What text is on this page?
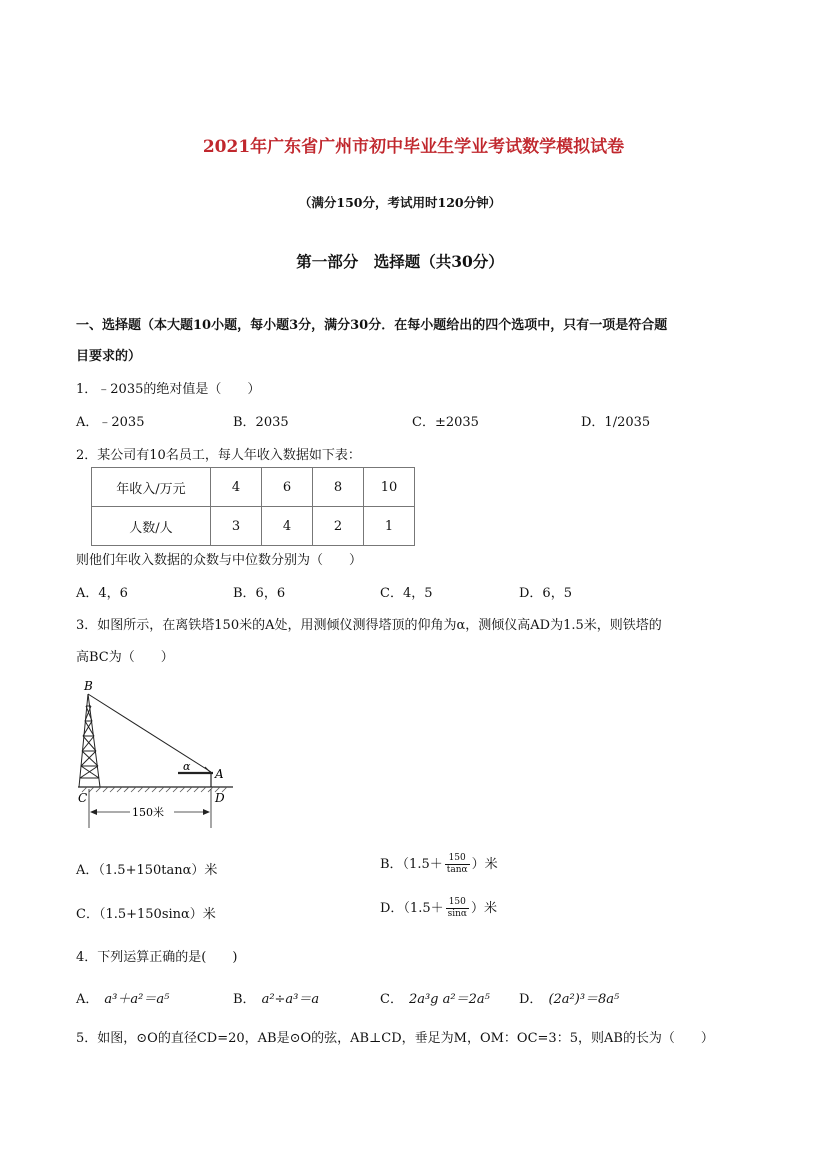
2021年广东省广州市初中毕业生学业考试数学模拟试卷
（满分150分，考试用时120分钟）
第一部分　选择题（共30分）
一、选择题（本大题10小题，每小题3分，满分30分．在每小题给出的四个选项中，只有一项是符合题
目要求的）
1．﹣2035的绝对值是（　　）
A．﹣2035	B．2035	C．±2035	D．1/2035
2．某公司有10名员工，每人年收入数据如下表：
年收入/万元	4	6	8	10
人数/人	3	4	2	1
则他们年收入数据的众数与中位数分别为（　　）
A．4，6	B．6，6	C．4，5	D．6，5
3．如图所示，在离铁塔150米的A处，用测倾仪测得塔顶的仰角为α，测倾仪高AD为1.5米，则铁塔的
高BC为（　　）
B
C
A
D
α
150米
A．（1.5+150tanα）米	B．（$1.5+ \frac{150}{\tan\alpha}$ ）米
C．（1.5+150sinα）米	D．（$1.5+ \frac{150}{\sin\alpha}$ ）米
4．下列运算正确的是(　　)
A． a³＋a²＝a⁵	B． a²÷a³＝a	C． 2a³g a²＝2a⁵ D． (2a²)³＝8a⁵
5．如图，⊙O的直径CD=20，AB是⊙O的弦，AB⊥CD，垂足为M，OM：OC=3：5，则AB的长为（　　）
